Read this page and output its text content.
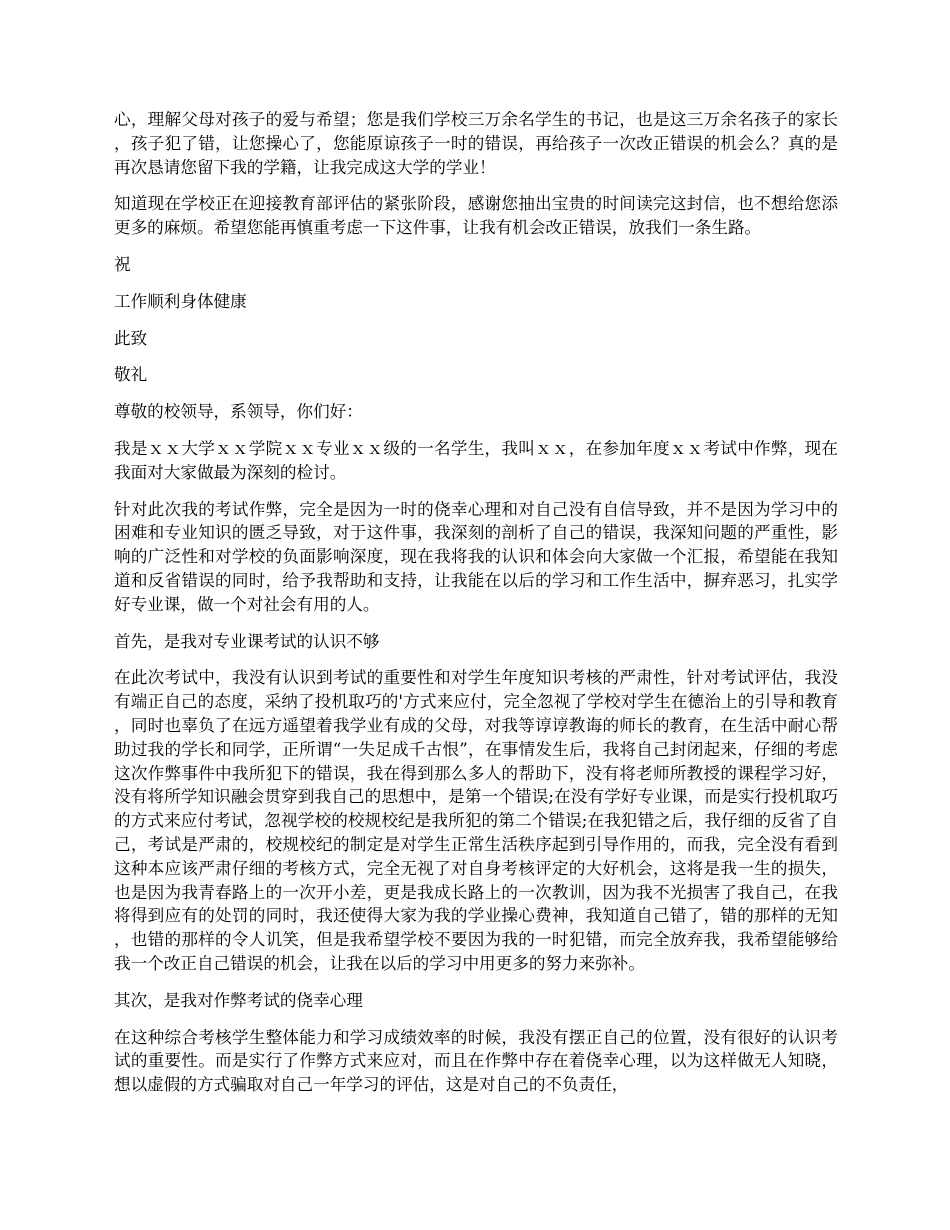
心，理解父母对孩子的爱与希望；您是我们学校三万余名学生的书记，也是这三万余名孩子的家长，孩子犯了错，让您操心了，您能原谅孩子一时的错误，再给孩子一次改正错误的机会么？真的是再次恳请您留下我的学籍，让我完成这大学的学业！

知道现在学校正在迎接教育部评估的紧张阶段，感谢您抽出宝贵的时间读完这封信，也不想给您添更多的麻烦。希望您能再慎重考虑一下这件事，让我有机会改正错误，放我们一条生路。

祝

工作顺利身体健康

此致

敬礼

尊敬的校领导，系领导，你们好：

我是ｘｘ大学ｘｘ学院ｘｘ专业ｘｘ级的一名学生，我叫ｘｘ，在参加年度ｘｘ考试中作弊，现在我面对大家做最为深刻的检讨。

针对此次我的考试作弊，完全是因为一时的侥幸心理和对自己没有自信导致，并不是因为学习中的困难和专业知识的匮乏导致，对于这件事，我深刻的剖析了自己的错误，我深知问题的严重性，影响的广泛性和对学校的负面影响深度，现在我将我的认识和体会向大家做一个汇报，希望能在我知道和反省错误的同时，给予我帮助和支持，让我能在以后的学习和工作生活中，摒弃恶习，扎实学好专业课，做一个对社会有用的人。

首先，是我对专业课考试的认识不够

在此次考试中，我没有认识到考试的重要性和对学生年度知识考核的严肃性，针对考试评估，我没有端正自己的态度，采纳了投机取巧的'方式来应付，完全忽视了学校对学生在德治上的引导和教育，同时也辜负了在远方遥望着我学业有成的父母，对我等谆谆教诲的师长的教育，在生活中耐心帮助过我的学长和同学，正所谓“一失足成千古恨”，在事情发生后，我将自己封闭起来，仔细的考虑这次作弊事件中我所犯下的错误，我在得到那么多人的帮助下，没有将老师所教授的课程学习好，没有将所学知识融会贯穿到我自己的思想中，是第一个错误;在没有学好专业课，而是实行投机取巧的方式来应付考试，忽视学校的校规校纪是我所犯的第二个错误;在我犯错之后，我仔细的反省了自己，考试是严肃的，校规校纪的制定是对学生正常生活秩序起到引导作用的，而我，完全没有看到这种本应该严肃仔细的考核方式，完全无视了对自身考核评定的大好机会，这将是我一生的损失，也是因为我青春路上的一次开小差，更是我成长路上的一次教训，因为我不光损害了我自己，在我将得到应有的处罚的同时，我还使得大家为我的学业操心费神，我知道自己错了，错的那样的无知，也错的那样的令人讥笑，但是我希望学校不要因为我的一时犯错，而完全放弃我，我希望能够给我一个改正自己错误的机会，让我在以后的学习中用更多的努力来弥补。

其次，是我对作弊考试的侥幸心理

在这种综合考核学生整体能力和学习成绩效率的时候，我没有摆正自己的位置，没有很好的认识考试的重要性。而是实行了作弊方式来应对，而且在作弊中存在着侥幸心理，以为这样做无人知晓，想以虚假的方式骗取对自己一年学习的评估，这是对自己的不负责任，
